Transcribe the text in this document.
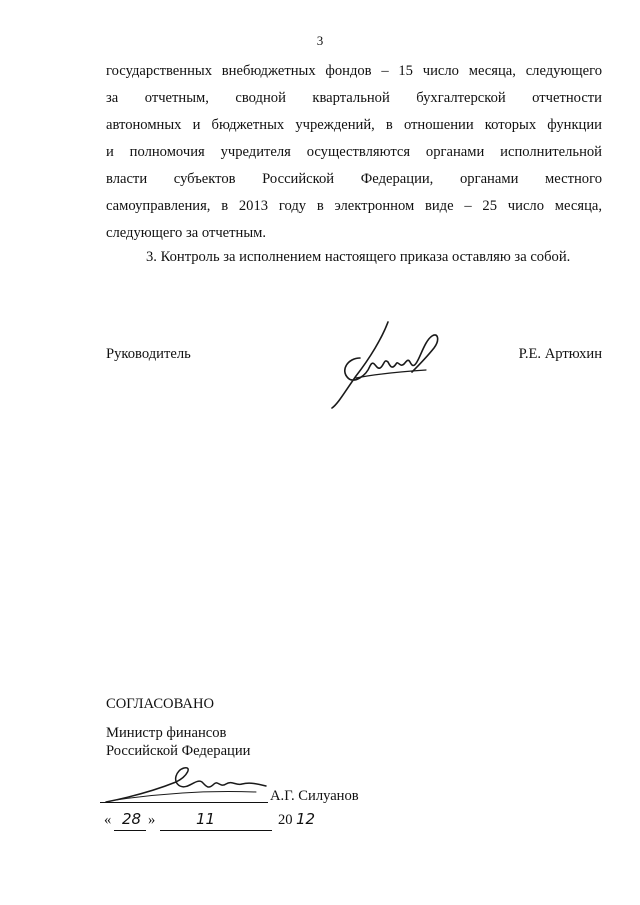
3
государственных внебюджетных фондов – 15 число месяца, следующего
за отчетным, сводной квартальной бухгалтерской отчетности
автономных и бюджетных учреждений, в отношении которых функции
и полномочия учредителя осуществляются органами исполнительной
власти субъектов Российской Федерации, органами местного
самоуправления, в 2013 году в электронном виде – 25 число месяца,
следующего за отчетным.
3. Контроль за исполнением настоящего приказа оставляю за собой.
Руководитель	Р.Е. Артюхин
СОГЛАСОВАНО
Министр финансов
Российской Федерации
А.Г. Силуанов
« 28 »	11	20 12
